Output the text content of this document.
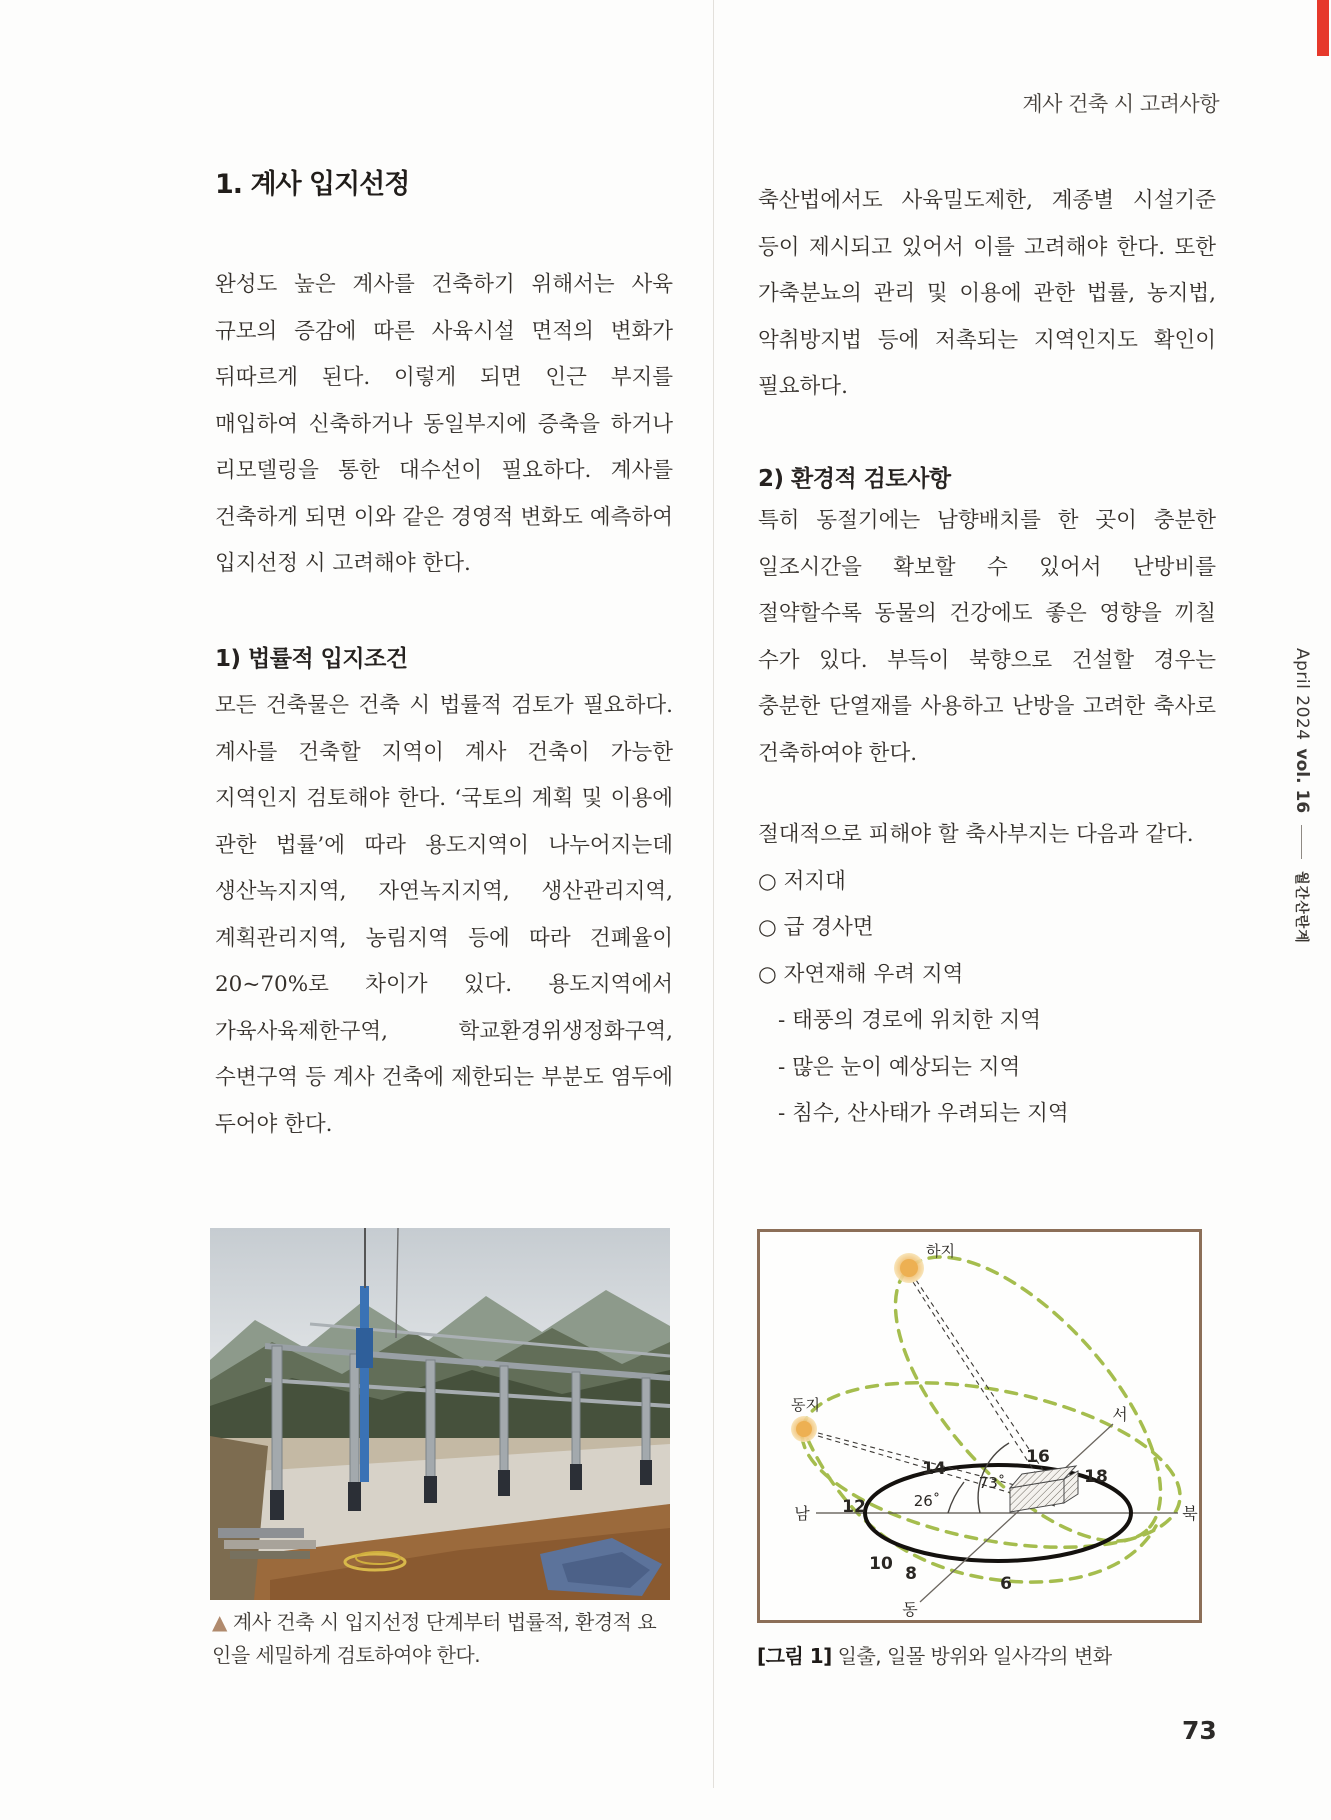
계사 건축 시 고려사항
1. 계사 입지선정
완성도 높은 계사를 건축하기 위해서는 사육 규모의 증감에 따른 사육시설 면적의 변화가 뒤따르게 된다. 이렇게 되면 인근 부지를 매입하여 신축하거나 동일부지에 증축을 하거나 리모델링을 통한 대수선이 필요하다. 계사를 건축하게 되면 이와 같은 경영적 변화도 예측하여 입지선정 시 고려해야 한다.
1) 법률적 입지조건
모든 건축물은 건축 시 법률적 검토가 필요하다. 계사를 건축할 지역이 계사 건축이 가능한 지역인지 검토해야 한다. ‘국토의 계획 및 이용에 관한 법률’에 따라 용도지역이 나누어지는데 생산녹지지역, 자연녹지지역, 생산관리지역, 계획관리지역, 농림지역 등에 따라 건폐율이 20~70%로 차이가 있다. 용도지역에서 가육사육제한구역, 학교환경위생정화구역, 수변구역 등 계사 건축에 제한되는 부분도 염두에 두어야 한다.
▲ 계사 건축 시 입지선정 단계부터 법률적, 환경적 요인을 세밀하게 검토하여야 한다.
축산법에서도 사육밀도제한, 계종별 시설기준 등이 제시되고 있어서 이를 고려해야 한다. 또한 가축분뇨의 관리 및 이용에 관한 법률, 농지법, 악취방지법 등에 저촉되는 지역인지도 확인이 필요하다.
2) 환경적 검토사항
특히 동절기에는 남향배치를 한 곳이 충분한 일조시간을 확보할 수 있어서 난방비를 절약할수록 동물의 건강에도 좋은 영향을 끼칠 수가 있다. 부득이 북향으로 건설할 경우는 충분한 단열재를 사용하고 난방을 고려한 축사로 건축하여야 한다.
절대적으로 피해야 할 축사부지는 다음과 같다.
○ 저지대
○ 급 경사면
○ 자연재해 우려 지역
- 태풍의 경로에 위치한 지역
- 많은 눈이 예상되는 지역
- 침수, 산사태가 우려되는 지역
하지
동지
남	북
서
동
73˚
26˚
6
8
10
12
14
16
18
[그림 1] 일출, 일몰 방위와 일사각의 변화
73
April 2024vol. 16월간산란계
